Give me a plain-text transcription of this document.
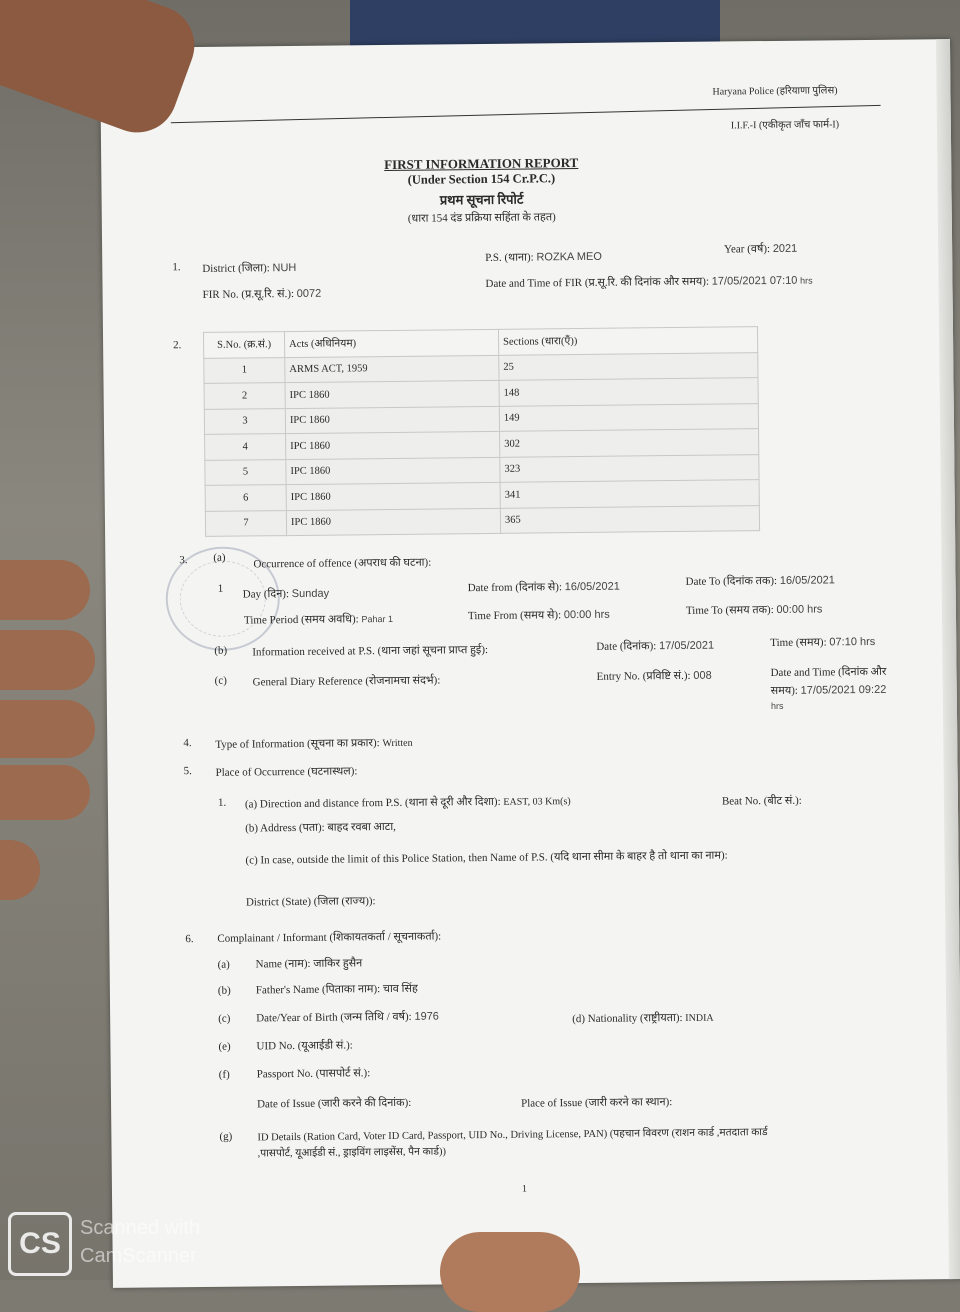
Haryana Police (हरियाणा पुलिस)
I.I.F.-I (एकीकृत जाँच फार्म-I)
FIRST INFORMATION REPORT
(Under Section 154 Cr.P.C.)
प्रथम सूचना रिपोर्ट
(धारा 154 दंड प्रक्रिया सहिंता के तहत)
1. District (जिला): NUH
P.S. (थाना): ROZKA MEO
Year (वर्ष): 2021
FIR No. (प्र.सू.रि. सं.): 0072
Date and Time of FIR (प्र.सू.रि. की दिनांक और समय): 17/05/2021 07:10 hrs
2.	S.No. (क्र.सं.)	Acts (अधिनियम)	Sections (धारा(एँ))
1	ARMS ACT, 1959	25
2	IPC 1860	148
3	IPC 1860	149
4	IPC 1860	302
5	IPC 1860	323
6	IPC 1860	341
7	IPC 1860	365
3. (a)	Occurrence of offence (अपराध की घटना):
1 Day (दिन): Sunday	Date from (दिनांक से): 16/05/2021	Date To (दिनांक तक): 16/05/2021
Time Period (समय अवधि): Pahar 1	Time From (समय से): 00:00 hrs	Time To (समय तक): 00:00 hrs
(b) Information received at P.S. (थाना जहां सूचना प्राप्त हुई):	Date (दिनांक): 17/05/2021	Time (समय): 07:10 hrs
(c) General Diary Reference (रोजनामचा संदर्भ):	Entry No. (प्रविष्टि सं.): 008	Date and Time (दिनांक और
समय): 17/05/2021 09:22
hrs
4. Type of Information (सूचना का प्रकार): Written
5. Place of Occurrence (घटनास्थल):
1. (a) Direction and distance from P.S. (थाना से दूरी और दिशा): EAST, 03 Km(s)	Beat No. (बीट सं.):
(b) Address (पता): बाहद रवबा आटा,
(c) In case, outside the limit of this Police Station, then Name of P.S. (यदि थाना सीमा के बाहर है तो थाना का नाम):
District (State) (जिला (राज्य)):
6. Complainant / Informant (शिकायतकर्ता / सूचनाकर्ता):
(a) Name (नाम): जाकिर हुसैन
(b) Father's Name (पिताका नाम): चाव सिंह
(c) Date/Year of Birth (जन्म तिथि / वर्ष): 1976	(d) Nationality (राष्ट्रीयता): INDIA
(e) UID No. (यूआईडी सं.):
(f) Passport No. (पासपोर्ट सं.):
Date of Issue (जारी करने की दिनांक):	Place of Issue (जारी करने का स्थान):
(g) ID Details (Ration Card, Voter ID Card, Passport, UID No., Driving License, PAN) (पहचान विवरण (राशन कार्ड ,मतदाता कार्ड
,पासपोर्ट, यूआईडी सं., ड्राइविंग लाइसेंस, पैन कार्ड))
1
CS Scanned with
CamScanner
